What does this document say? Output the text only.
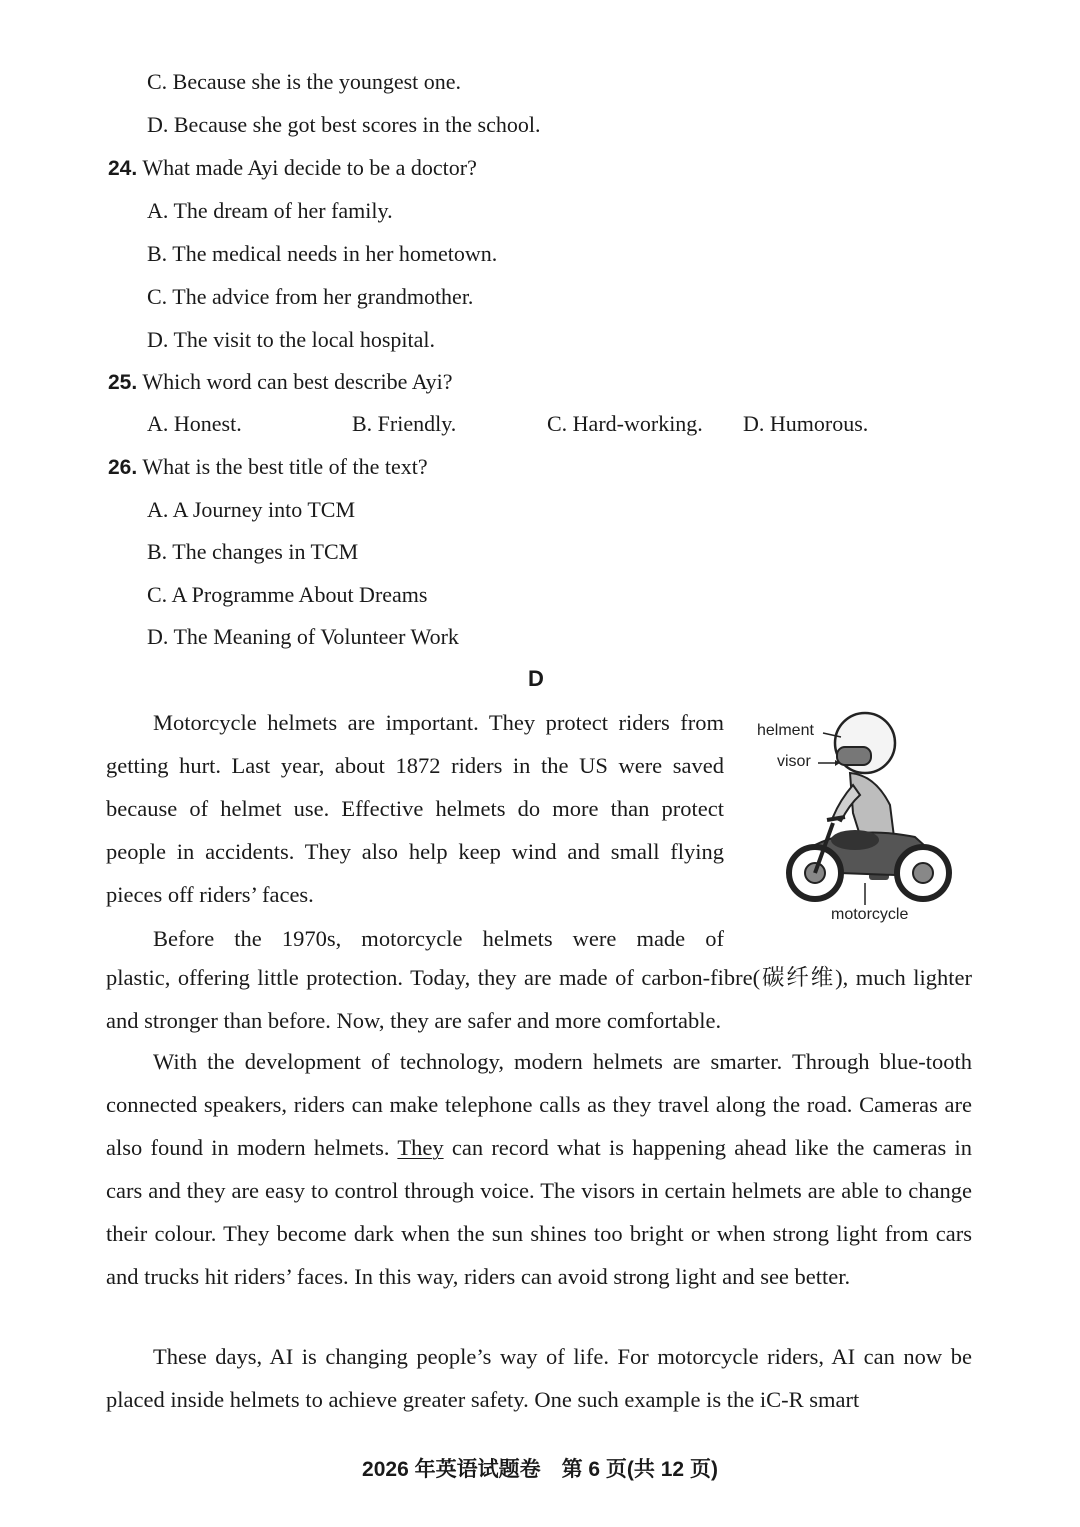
C. Because she is the youngest one.
D. Because she got best scores in the school.
24. What made Ayi decide to be a doctor?
A. The dream of her family.
B. The medical needs in her hometown.
C. The advice from her grandmother.
D. The visit to the local hospital.
25. Which word can best describe Ayi?
A. Honest.	B. Friendly.	C. Hard-working. D. Humorous.
26. What is the best title of the text?
A. A Journey into TCM
B. The changes in TCM
C. A Programme About Dreams
D. The Meaning of Volunteer Work
D

Motorcycle helmets are important. They protect riders from getting hurt. Last year, about 1872 riders in the US were saved because of helmet use. Effective helmets do more than protect people in accidents. They also help keep wind and small flying pieces off riders’ faces.

Before the 1970s, motorcycle helmets were made of

plastic, offering little protection. Today, they are made of carbon-fibre(碳纤维), much lighter and stronger than before. Now, they are safer and more comfortable.

With the development of technology, modern helmets are smarter. Through blue-tooth connected speakers, riders can make telephone calls as they travel along the road. Cameras are also found in modern helmets. They can record what is happening ahead like the cameras in cars and they are easy to control through voice. The visors in certain helmets are able to change their colour. They become dark when the sun shines too bright or when strong light from cars and trucks hit riders’ faces. In this way, riders can avoid strong light and see better.

These days, AI is changing people’s way of life. For motorcycle riders, AI can now be placed inside helmets to achieve greater safety. One such example is the iC-R smart

helment
visor
motorcycle
2026 年英语试题卷　第 6 页(共 12 页)
